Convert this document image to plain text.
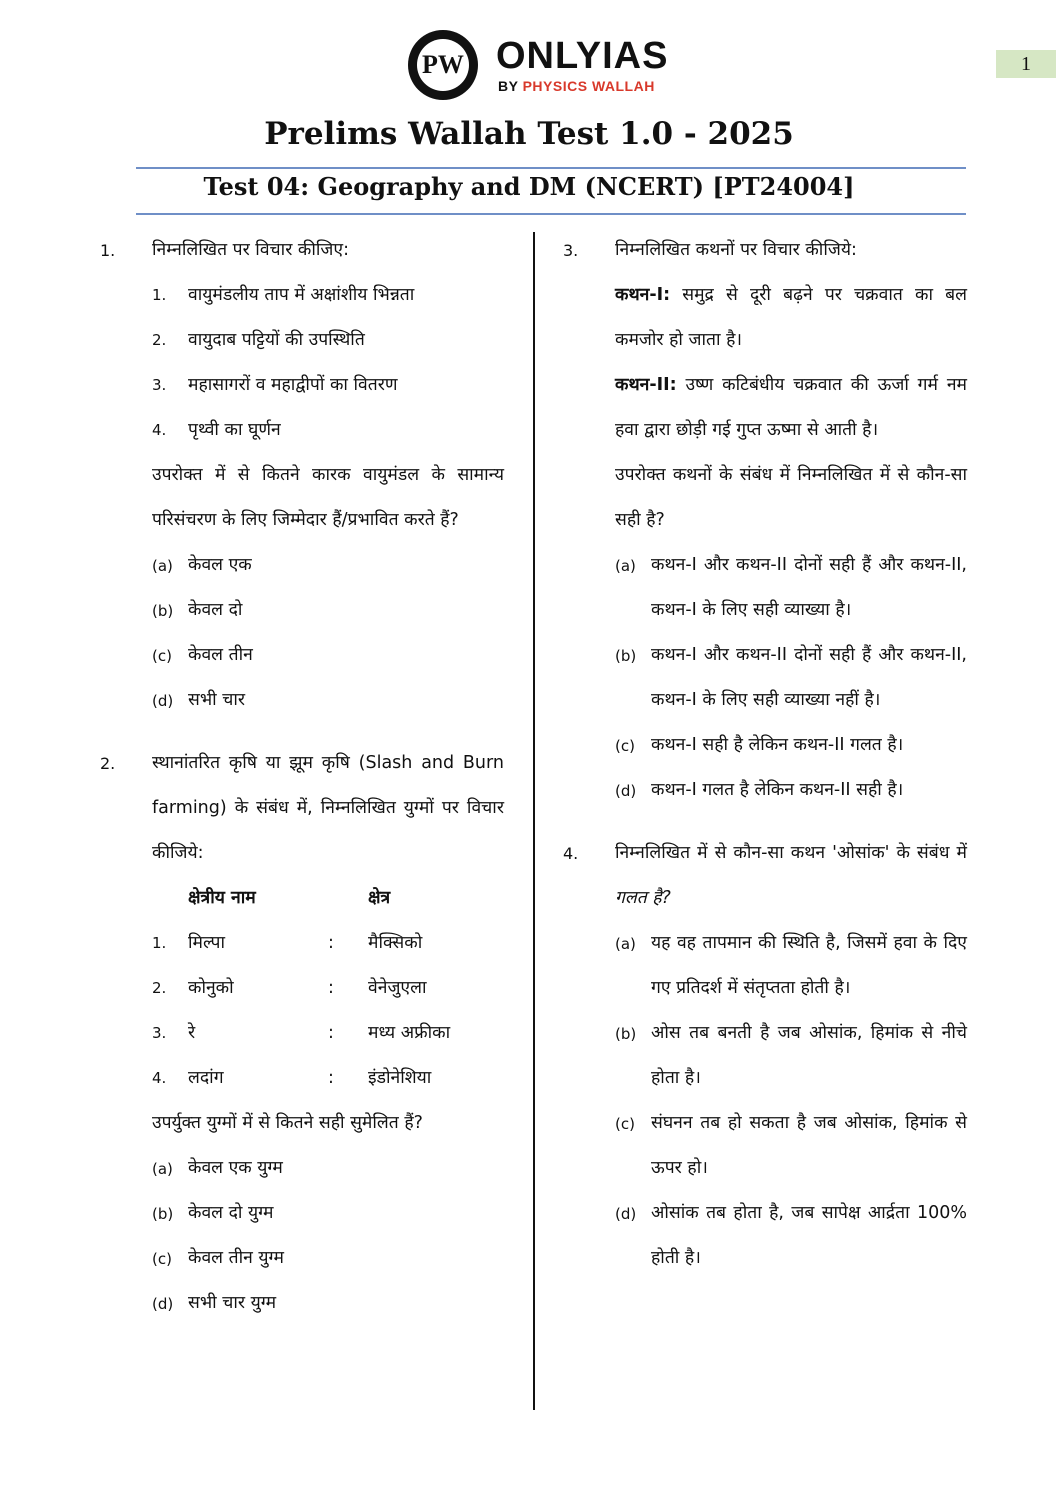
1
PW ONLYIAS
BY PHYSICS WALLAH
Prelims Wallah Test 1.0 - 2025
Test 04: Geography and DM (NCERT) [PT24004]
1. निम्नलिखित पर विचार कीजिए:
1. वायुमंडलीय ताप में अक्षांशीय भिन्नता
2. वायुदाब पट्टियों की उपस्थिति
3. महासागरों व महाद्वीपों का वितरण
4. पृथ्वी का घूर्णन
उपरोक्त में से कितने कारक वायुमंडल के सामान्य परिसंचरण के लिए जिम्मेदार हैं/प्रभावित करते हैं?
(a) केवल एक
(b) केवल दो
(c) केवल तीन
(d) सभी चार
2. स्थानांतरित कृषि या झूम कृषि (Slash and Burn farming) के संबंध में, निम्नलिखित युग्मों पर विचार कीजिये:
क्षेत्रीय नाम	क्षेत्र
1. मिल्पा	:	मैक्सिको
2. कोनुको	:	वेनेजुएला
3. रे	:	मध्य अफ्रीका
4. लदांग	:	इंडोनेशिया
उपर्युक्त युग्मों में से कितने सही सुमेलित हैं?
(a) केवल एक युग्म
(b) केवल दो युग्म
(c) केवल तीन युग्म
(d) सभी चार युग्म
3. निम्नलिखित कथनों पर विचार कीजिये:
कथन-I: समुद्र से दूरी बढ़ने पर चक्रवात का बल कमजोर हो जाता है।
कथन-II: उष्ण कटिबंधीय चक्रवात की ऊर्जा गर्म नम हवा द्वारा छोड़ी गई गुप्त ऊष्मा से आती है।
उपरोक्त कथनों के संबंध में निम्नलिखित में से कौन-सा सही है?
(a) कथन-I और कथन-II दोनों सही हैं और कथन-II, कथन-I के लिए सही व्याख्या है।
(b) कथन-I और कथन-II दोनों सही हैं और कथन-II, कथन-I के लिए सही व्याख्या नहीं है।
(c) कथन-I सही है लेकिन कथन-II गलत है।
(d) कथन-I गलत है लेकिन कथन-II सही है।
4. निम्नलिखित में से कौन-सा कथन 'ओसांक' के संबंध में गलत है?
(a) यह वह तापमान की स्थिति है, जिसमें हवा के दिए गए प्रतिदर्श में संतृप्तता होती है।
(b) ओस तब बनती है जब ओसांक, हिमांक से नीचे होता है।
(c) संघनन तब हो सकता है जब ओसांक, हिमांक से ऊपर हो।
(d) ओसांक तब होता है, जब सापेक्ष आर्द्रता 100% होती है।
